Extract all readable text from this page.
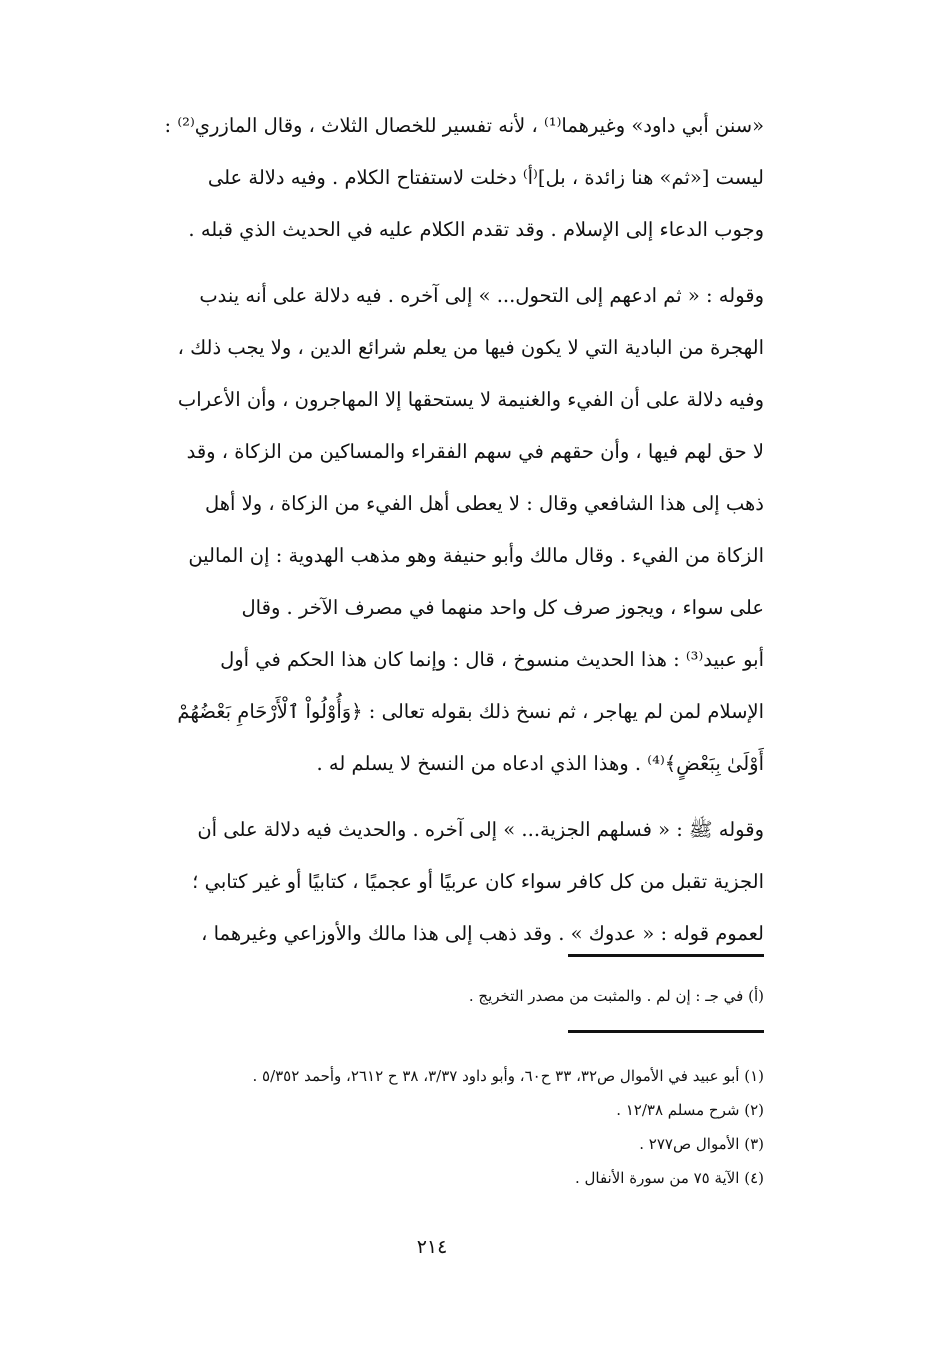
«سنن أبي داود» وغيرهما⁽¹⁾ ، لأنه تفسير للخصال الثلاث ، وقال المازري⁽²⁾ :
ليست [«ثم» هنا زائدة ، بل]⁽أ⁾ دخلت لاستفتاح الكلام . وفيه دلالة على
وجوب الدعاء إلى الإسلام . وقد تقدم الكلام عليه في الحديث الذي قبله .
وقوله : « ثم ادعهم إلى التحول... » إلى آخره . فيه دلالة على أنه يندب
الهجرة من البادية التي لا يكون فيها من يعلم شرائع الدين ، ولا يجب ذلك ،
وفيه دلالة على أن الفيء والغنيمة لا يستحقها إلا المهاجرون ، وأن الأعراب
لا حق لهم فيها ، وأن حقهم في سهم الفقراء والمساكين من الزكاة ، وقد
ذهب إلى هذا الشافعي وقال : لا يعطى أهل الفيء من الزكاة ، ولا أهل
الزكاة من الفيء . وقال مالك وأبو حنيفة وهو مذهب الهدوية : إن المالين
على سواء ، ويجوز صرف كل واحد منهما في مصرف الآخر . وقال
أبو عبيد⁽³⁾ : هذا الحديث منسوخ ، قال : وإنما كان هذا الحكم في أول
الإسلام لمن لم يهاجر ، ثم نسخ ذلك بقوله تعالى : ﴿وَأُوْلُواْ ٱلْأَرْحَامِ بَعْضُهُمْ
أَوْلَىٰ بِبَعْضٍ﴾⁽⁴⁾ . وهذا الذي ادعاه من النسخ لا يسلم له .
وقوله ﷺ : « فسلهم الجزية... » إلى آخره . والحديث فيه دلالة على أن
الجزية تقبل من كل كافر سواء كان عربيًا أو عجميًا ، كتابيًا أو غير كتابي ؛
لعموم قوله : « عدوك » . وقد ذهب إلى هذا مالك والأوزاعي وغيرهما ،
(أ) في جـ : إن لم . والمثبت من مصدر التخريج .
(١) أبو عبيد في الأموال ص٣٢، ٣٣ ح٦٠، وأبو داود ٣/٣٧، ٣٨ ح ٢٦١٢، وأحمد ٥/٣٥٢ .
(٢) شرح مسلم ١٢/٣٨ .
(٣) الأموال ص٢٧٧ .
(٤) الآية ٧٥ من سورة الأنفال .
٢١٤
